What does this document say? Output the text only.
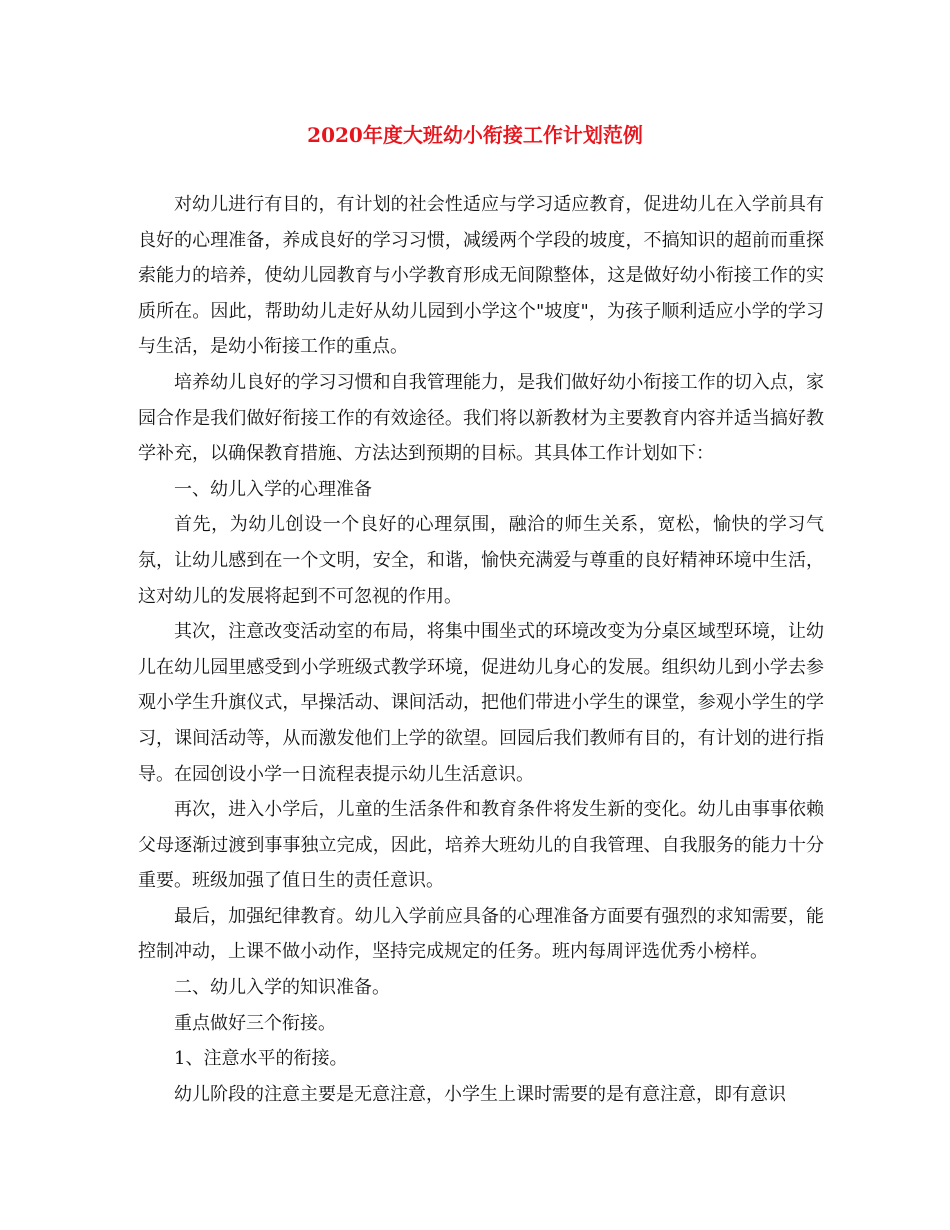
2020年度大班幼小衔接工作计划范例

对幼儿进行有目的，有计划的社会性适应与学习适应教育，促进幼儿在入学前具有良好的心理准备，养成良好的学习习惯，减缓两个学段的坡度，不搞知识的超前而重探索能力的培养，使幼儿园教育与小学教育形成无间隙整体，这是做好幼小衔接工作的实质所在。因此，帮助幼儿走好从幼儿园到小学这个"坡度"，为孩子顺利适应小学的学习与生活，是幼小衔接工作的重点。

培养幼儿良好的学习习惯和自我管理能力，是我们做好幼小衔接工作的切入点，家园合作是我们做好衔接工作的有效途径。我们将以新教材为主要教育内容并适当搞好教学补充，以确保教育措施、方法达到预期的目标。其具体工作计划如下：

一、幼儿入学的心理准备

首先，为幼儿创设一个良好的心理氛围，融洽的师生关系，宽松，愉快的学习气氛，让幼儿感到在一个文明，安全，和谐，愉快充满爱与尊重的良好精神环境中生活，这对幼儿的发展将起到不可忽视的作用。

其次，注意改变活动室的布局，将集中围坐式的环境改变为分桌区域型环境，让幼儿在幼儿园里感受到小学班级式教学环境，促进幼儿身心的发展。组织幼儿到小学去参观小学生升旗仪式，早操活动、课间活动，把他们带进小学生的课堂，参观小学生的学习，课间活动等，从而激发他们上学的欲望。回园后我们教师有目的，有计划的进行指导。在园创设小学一日流程表提示幼儿生活意识。

再次，进入小学后，儿童的生活条件和教育条件将发生新的变化。幼儿由事事依赖父母逐渐过渡到事事独立完成，因此，培养大班幼儿的自我管理、自我服务的能力十分重要。班级加强了值日生的责任意识。

最后，加强纪律教育。幼儿入学前应具备的心理准备方面要有强烈的求知需要，能控制冲动，上课不做小动作，坚持完成规定的任务。班内每周评选优秀小榜样。

二、幼儿入学的知识准备。

重点做好三个衔接。

1、注意水平的衔接。

幼儿阶段的注意主要是无意注意，小学生上课时需要的是有意注意，即有意识
